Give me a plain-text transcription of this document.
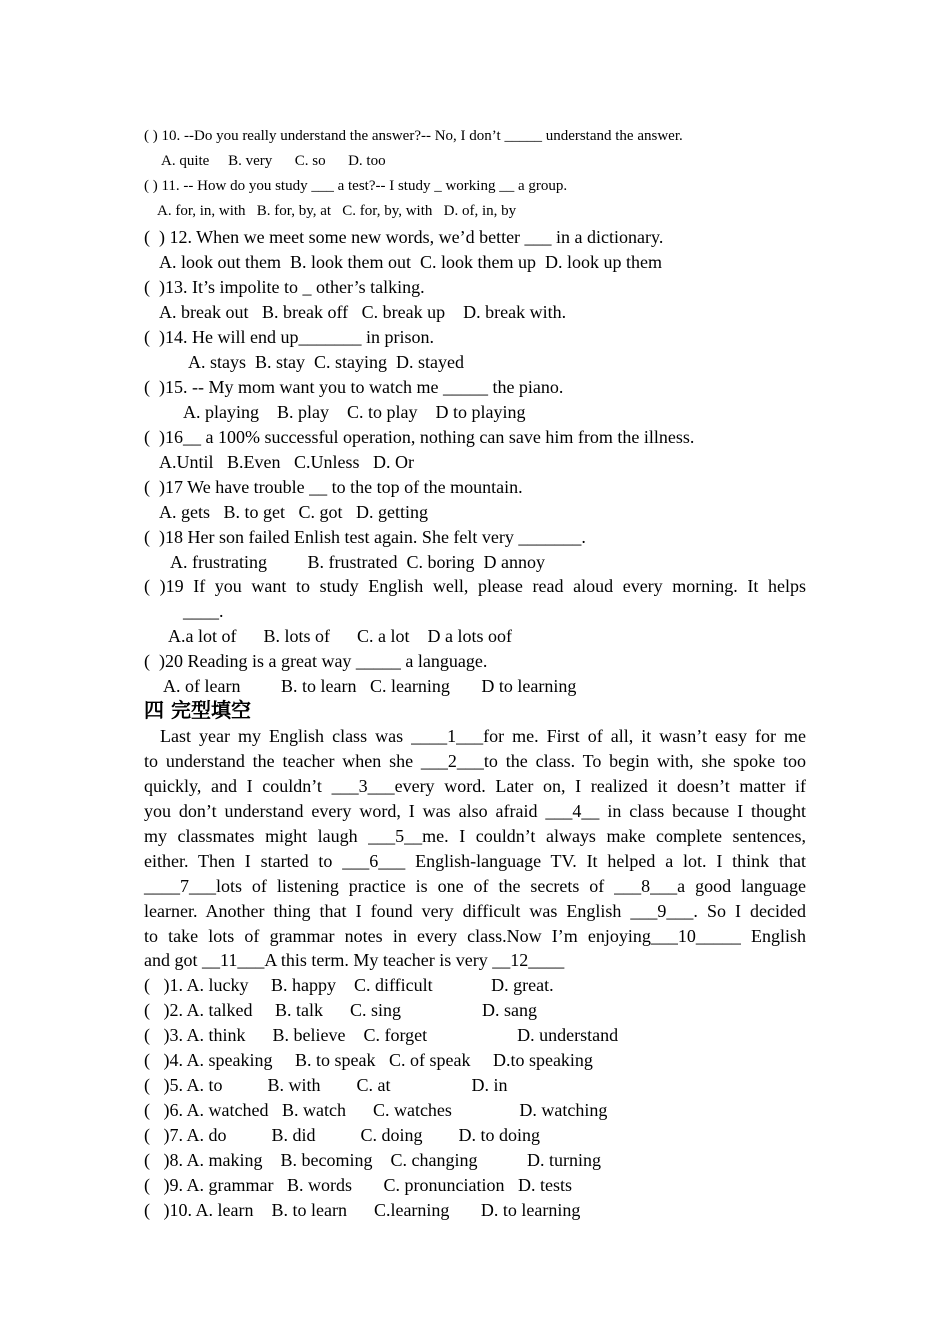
( ) 10. --Do you really understand the answer?-- No, I don’t _____ understand the answer.
A. quite     B. very      C. so      D. too
( ) 11. -- How do you study ___ a test?-- I study _ working __ a group.
A. for, in, with   B. for, by, at   C. for, by, with   D. of, in, by
(  ) 12. When we meet some new words, we’d better ___ in a dictionary.
A. look out them  B. look them out  C. look them up  D. look up them
(  )13. It’s impolite to _ other’s talking.
A. break out   B. break off   C. break up    D. break with.
(  )14. He will end up_______ in prison.
A. stays  B. stay  C. staying  D. stayed
(  )15. -- My mom want you to watch me _____ the piano.
A. playing    B. play    C. to play    D to playing
(  )16__ a 100% successful operation, nothing can save him from the illness.
A.Until   B.Even   C.Unless   D. Or
(  )17 We have trouble __ to the top of the mountain.
A. gets   B. to get   C. got   D. getting
(  )18 Her son failed Enlish test again. She felt very _______.
A. frustrating         B. frustrated  C. boring  D annoy
( )19 If you want to study English well, please read aloud every morning. It helps
____.
A.a lot of      B. lots of      C. a lot    D a lots oof
(  )20 Reading is a great way _____ a language.
A. of learn         B. to learn   C. learning       D to learning
四 完型填空
Last year my English class was ____1___for me. First of all, it wasn’t easy for me
to understand the teacher when she ___2___to the class. To begin with, she spoke too
quickly, and I couldn’t ___3___every word. Later on, I realized it doesn’t matter if
you don’t understand every word, I was also afraid ___4__ in class because I thought
my classmates might laugh ___5__me. I couldn’t always make complete sentences,
either. Then I started to ___6___ English-language TV. It helped a lot. I think that
____7___lots of listening practice is one of the secrets of ___8___a good language
learner. Another thing that I found very difficult was English ___9___. So I decided
to take lots of grammar notes in every class.Now I’m enjoying___10_____ English
and got __11___A this term. My teacher is very __12____
(   )1. A. lucky     B. happy    C. difficult             D. great.
(   )2. A. talked     B. talk      C. sing                  D. sang
(   )3. A. think      B. believe    C. forget                    D. understand
(   )4. A. speaking     B. to speak   C. of speak     D.to speaking
(   )5. A. to          B. with        C. at                  D. in
(   )6. A. watched   B. watch      C. watches               D. watching
(   )7. A. do          B. did          C. doing        D. to doing
(   )8. A. making    B. becoming    C. changing           D. turning
(   )9. A. grammar   B. words       C. pronunciation   D. tests
(   )10. A. learn    B. to learn      C.learning       D. to learning
